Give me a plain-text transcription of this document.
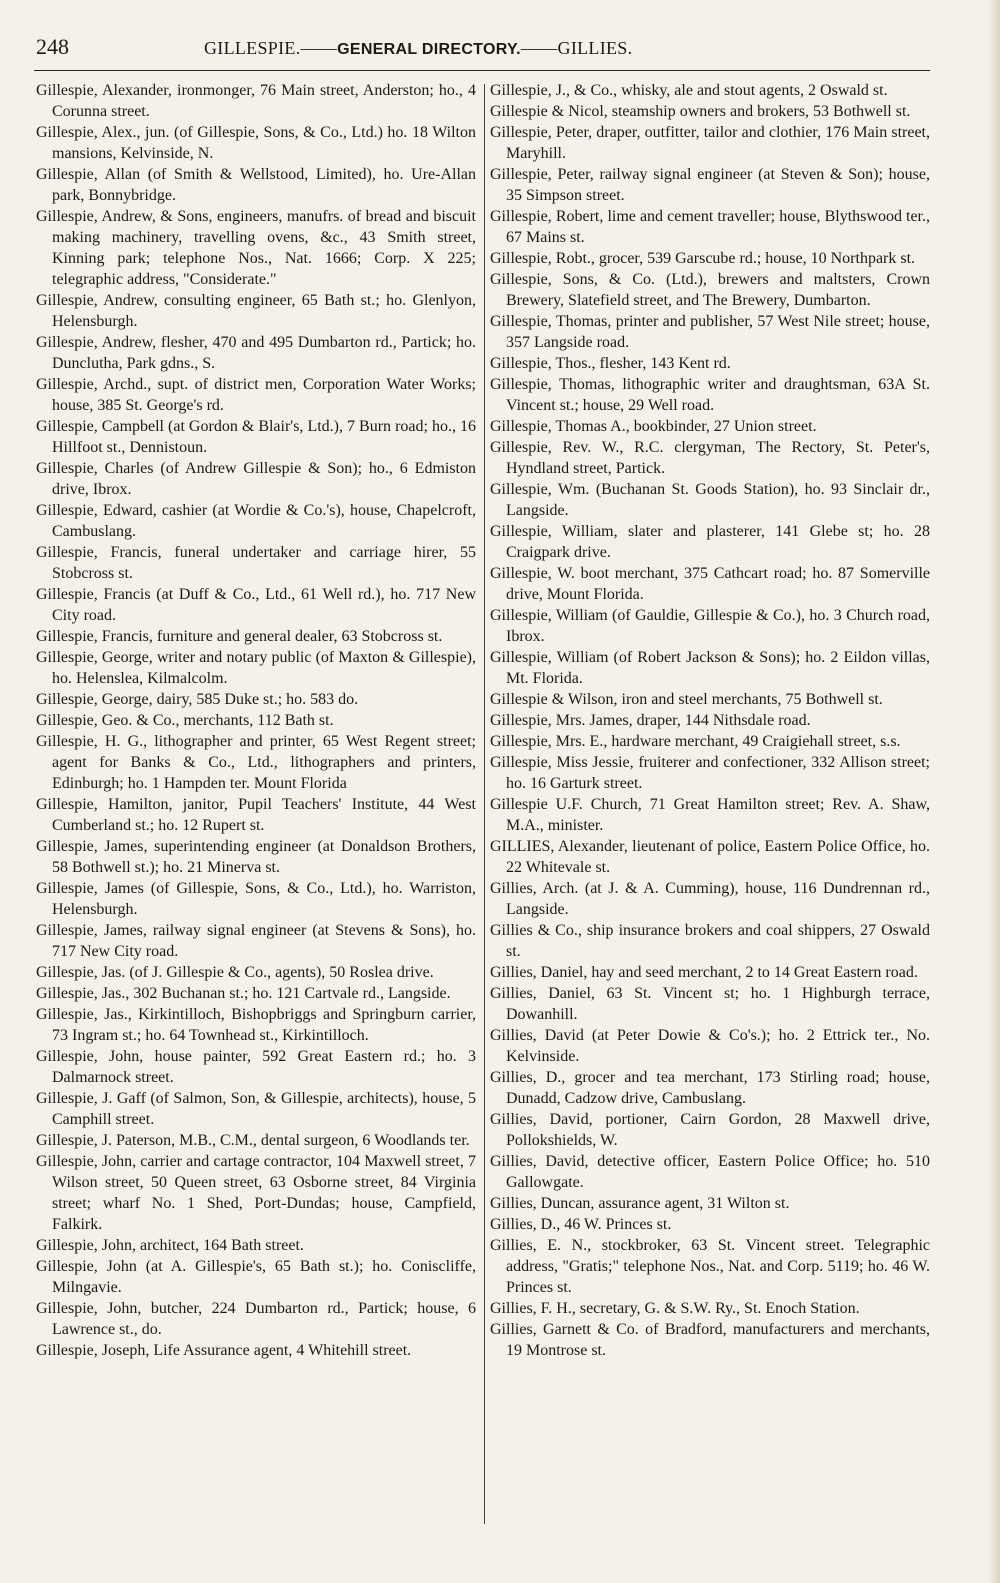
248	GILLESPIE.——GENERAL DIRECTORY.——GILLIES.

Gillespie, Alexander, ironmonger, 76 Main street, Anderston; ho., 4 Corunna street.

Gillespie, Alex., jun. (of Gillespie, Sons, & Co., Ltd.) ho. 18 Wilton mansions, Kelvinside, N.

Gillespie, Allan (of Smith & Wellstood, Limited), ho. Ure-Allan park, Bonnybridge.

Gillespie, Andrew, & Sons, engineers, manufrs. of bread and biscuit making machinery, travelling ovens, &c., 43 Smith street, Kinning park; telephone Nos., Nat. 1666; Corp. X 225; telegraphic address, "Considerate."

Gillespie, Andrew, consulting engineer, 65 Bath st.; ho. Glenlyon, Helensburgh.

Gillespie, Andrew, flesher, 470 and 495 Dumbarton rd., Partick; ho. Dunclutha, Park gdns., S.

Gillespie, Archd., supt. of district men, Corporation Water Works; house, 385 St. George's rd.

Gillespie, Campbell (at Gordon & Blair's, Ltd.), 7 Burn road; ho., 16 Hillfoot st., Dennistoun.

Gillespie, Charles (of Andrew Gillespie & Son); ho., 6 Edmiston drive, Ibrox.

Gillespie, Edward, cashier (at Wordie & Co.'s), house, Chapelcroft, Cambuslang.

Gillespie, Francis, funeral undertaker and carriage hirer, 55 Stobcross st.

Gillespie, Francis (at Duff & Co., Ltd., 61 Well rd.), ho. 717 New City road.

Gillespie, Francis, furniture and general dealer, 63 Stobcross st.

Gillespie, George, writer and notary public (of Maxton & Gillespie), ho. Helenslea, Kilmalcolm.

Gillespie, George, dairy, 585 Duke st.; ho. 583 do.

Gillespie, Geo. & Co., merchants, 112 Bath st.

Gillespie, H. G., lithographer and printer, 65 West Regent street; agent for Banks & Co., Ltd., lithographers and printers, Edinburgh; ho. 1 Hampden ter. Mount Florida

Gillespie, Hamilton, janitor, Pupil Teachers' Institute, 44 West Cumberland st.; ho. 12 Rupert st.

Gillespie, James, superintending engineer (at Donaldson Brothers, 58 Bothwell st.); ho. 21 Minerva st.

Gillespie, James (of Gillespie, Sons, & Co., Ltd.), ho. Warriston, Helensburgh.

Gillespie, James, railway signal engineer (at Stevens & Sons), ho. 717 New City road.

Gillespie, Jas. (of J. Gillespie & Co., agents), 50 Roslea drive.

Gillespie, Jas., 302 Buchanan st.; ho. 121 Cartvale rd., Langside.

Gillespie, Jas., Kirkintilloch, Bishopbriggs and Springburn carrier, 73 Ingram st.; ho. 64 Townhead st., Kirkintilloch.

Gillespie, John, house painter, 592 Great Eastern rd.; ho. 3 Dalmarnock street.

Gillespie, J. Gaff (of Salmon, Son, & Gillespie, architects), house, 5 Camphill street.

Gillespie, J. Paterson, M.B., C.M., dental surgeon, 6 Woodlands ter.

Gillespie, John, carrier and cartage contractor, 104 Maxwell street, 7 Wilson street, 50 Queen street, 63 Osborne street, 84 Virginia street; wharf No. 1 Shed, Port-Dundas; house, Campfield, Falkirk.

Gillespie, John, architect, 164 Bath street.

Gillespie, John (at A. Gillespie's, 65 Bath st.); ho. Coniscliffe, Milngavie.

Gillespie, John, butcher, 224 Dumbarton rd., Partick; house, 6 Lawrence st., do.

Gillespie, Joseph, Life Assurance agent, 4 Whitehill street.

Gillespie, J., & Co., whisky, ale and stout agents, 2 Oswald st.

Gillespie & Nicol, steamship owners and brokers, 53 Bothwell st.

Gillespie, Peter, draper, outfitter, tailor and clothier, 176 Main street, Maryhill.

Gillespie, Peter, railway signal engineer (at Steven & Son); house, 35 Simpson street.

Gillespie, Robert, lime and cement traveller; house, Blythswood ter., 67 Mains st.

Gillespie, Robt., grocer, 539 Garscube rd.; house, 10 Northpark st.

Gillespie, Sons, & Co. (Ltd.), brewers and maltsters, Crown Brewery, Slatefield street, and The Brewery, Dumbarton.

Gillespie, Thomas, printer and publisher, 57 West Nile street; house, 357 Langside road.

Gillespie, Thos., flesher, 143 Kent rd.

Gillespie, Thomas, lithographic writer and draughtsman, 63A St. Vincent st.; house, 29 Well road.

Gillespie, Thomas A., bookbinder, 27 Union street.

Gillespie, Rev. W., R.C. clergyman, The Rectory, St. Peter's, Hyndland street, Partick.

Gillespie, Wm. (Buchanan St. Goods Station), ho. 93 Sinclair dr., Langside.

Gillespie, William, slater and plasterer, 141 Glebe st; ho. 28 Craigpark drive.

Gillespie, W. boot merchant, 375 Cathcart road; ho. 87 Somerville drive, Mount Florida.

Gillespie, William (of Gauldie, Gillespie & Co.), ho. 3 Church road, Ibrox.

Gillespie, William (of Robert Jackson & Sons); ho. 2 Eildon villas, Mt. Florida.

Gillespie & Wilson, iron and steel merchants, 75 Bothwell st.

Gillespie, Mrs. James, draper, 144 Nithsdale road.

Gillespie, Mrs. E., hardware merchant, 49 Craigiehall street, s.s.

Gillespie, Miss Jessie, fruiterer and confectioner, 332 Allison street; ho. 16 Garturk street.

Gillespie U.F. Church, 71 Great Hamilton street; Rev. A. Shaw, M.A., minister.

GILLIES, Alexander, lieutenant of police, Eastern Police Office, ho. 22 Whitevale st.

Gillies, Arch. (at J. & A. Cumming), house, 116 Dundrennan rd., Langside.

Gillies & Co., ship insurance brokers and coal shippers, 27 Oswald st.

Gillies, Daniel, hay and seed merchant, 2 to 14 Great Eastern road.

Gillies, Daniel, 63 St. Vincent st; ho. 1 Highburgh terrace, Dowanhill.

Gillies, David (at Peter Dowie & Co's.); ho. 2 Ettrick ter., No. Kelvinside.

Gillies, D., grocer and tea merchant, 173 Stirling road; house, Dunadd, Cadzow drive, Cambuslang.

Gillies, David, portioner, Cairn Gordon, 28 Maxwell drive, Pollokshields, W.

Gillies, David, detective officer, Eastern Police Office; ho. 510 Gallowgate.

Gillies, Duncan, assurance agent, 31 Wilton st.

Gillies, D., 46 W. Princes st.

Gillies, E. N., stockbroker, 63 St. Vincent street. Telegraphic address, "Gratis;" telephone Nos., Nat. and Corp. 5119; ho. 46 W. Princes st.

Gillies, F. H., secretary, G. & S.W. Ry., St. Enoch Station.

Gillies, Garnett & Co. of Bradford, manufacturers and merchants, 19 Montrose st.
